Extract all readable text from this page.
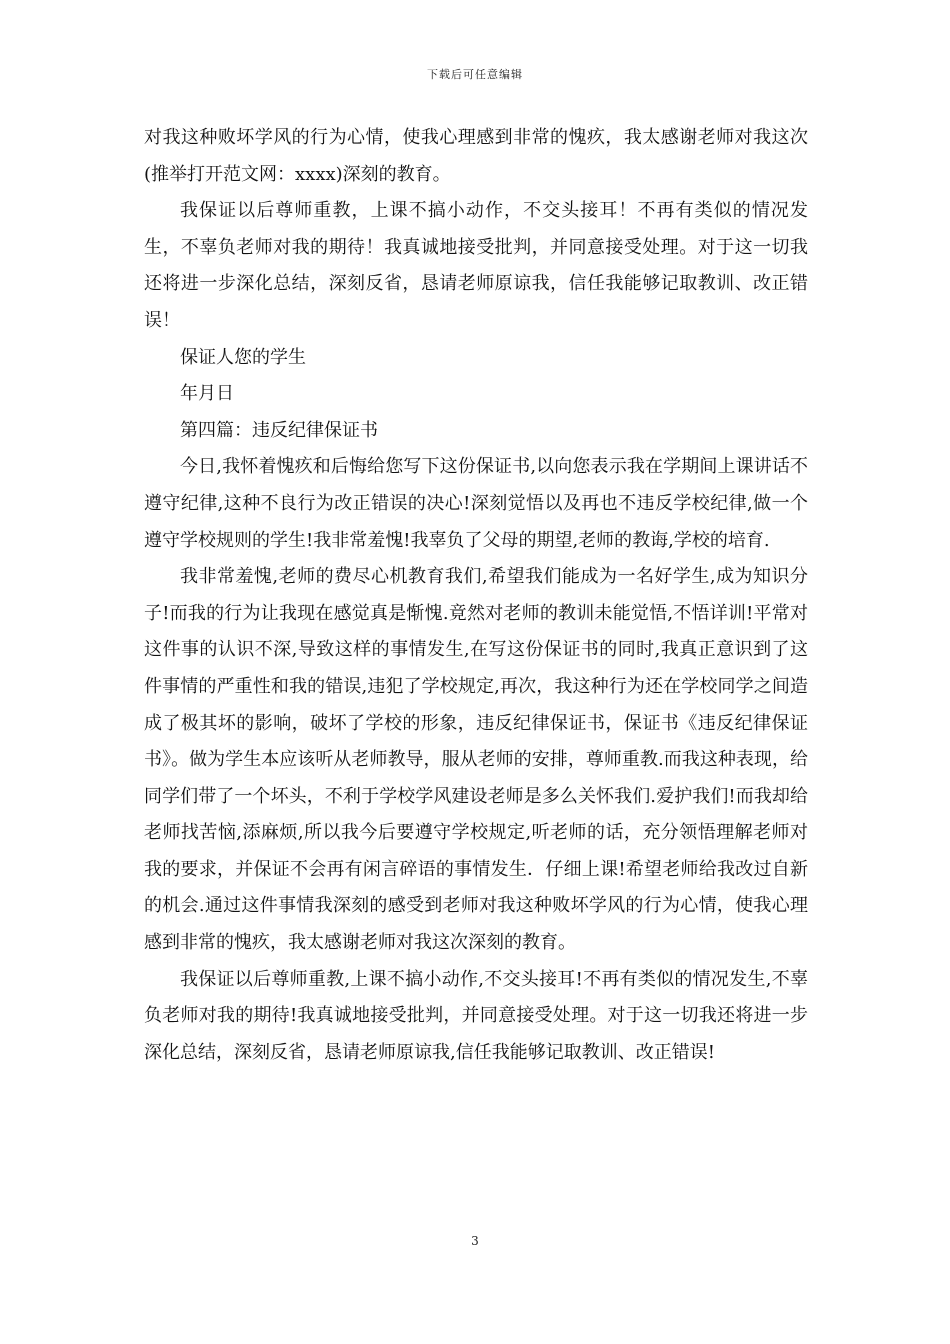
下载后可任意编辑

对我这种败坏学风的行为心情，使我心理感到非常的愧疚，我太感谢老师对我这次(推举打开范文网：xxxx)深刻的教育。

我保证以后尊师重教，上课不搞小动作，不交头接耳！不再有类似的情况发生，不辜负老师对我的期待！我真诚地接受批判，并同意接受处理。对于这一切我还将进一步深化总结，深刻反省，恳请老师原谅我，信任我能够记取教训、改正错误！

保证人您的学生

年月日

第四篇：违反纪律保证书

今日,我怀着愧疚和后悔给您写下这份保证书,以向您表示我在学期间上课讲话不遵守纪律,这种不良行为改正错误的决心!深刻觉悟以及再也不违反学校纪律,做一个遵守学校规则的学生!我非常羞愧!我辜负了父母的期望,老师的教诲,学校的培育.

我非常羞愧,老师的费尽心机教育我们,希望我们能成为一名好学生,成为知识分子!而我的行为让我现在感觉真是惭愧.竟然对老师的教训未能觉悟,不悟详训!平常对这件事的认识不深,导致这样的事情发生,在写这份保证书的同时,我真正意识到了这件事情的严重性和我的错误,违犯了学校规定,再次，我这种行为还在学校同学之间造成了极其坏的影响，破坏了学校的形象，违反纪律保证书，保证书《违反纪律保证书》。做为学生本应该听从老师教导，服从老师的安排，尊师重教.而我这种表现，给同学们带了一个坏头，不利于学校学风建设老师是多么关怀我们.爱护我们!而我却给老师找苦恼,添麻烦,所以我今后要遵守学校规定,听老师的话，充分领悟理解老师对我的要求，并保证不会再有闲言碎语的事情发生．仔细上课!希望老师给我改过自新的机会.通过这件事情我深刻的感受到老师对我这种败坏学风的行为心情，使我心理感到非常的愧疚，我太感谢老师对我这次深刻的教育。

我保证以后尊师重教,上课不搞小动作,不交头接耳!不再有类似的情况发生,不辜负老师对我的期待!我真诚地接受批判，并同意接受处理。对于这一切我还将进一步深化总结，深刻反省，恳请老师原谅我,信任我能够记取教训、改正错误!

3
